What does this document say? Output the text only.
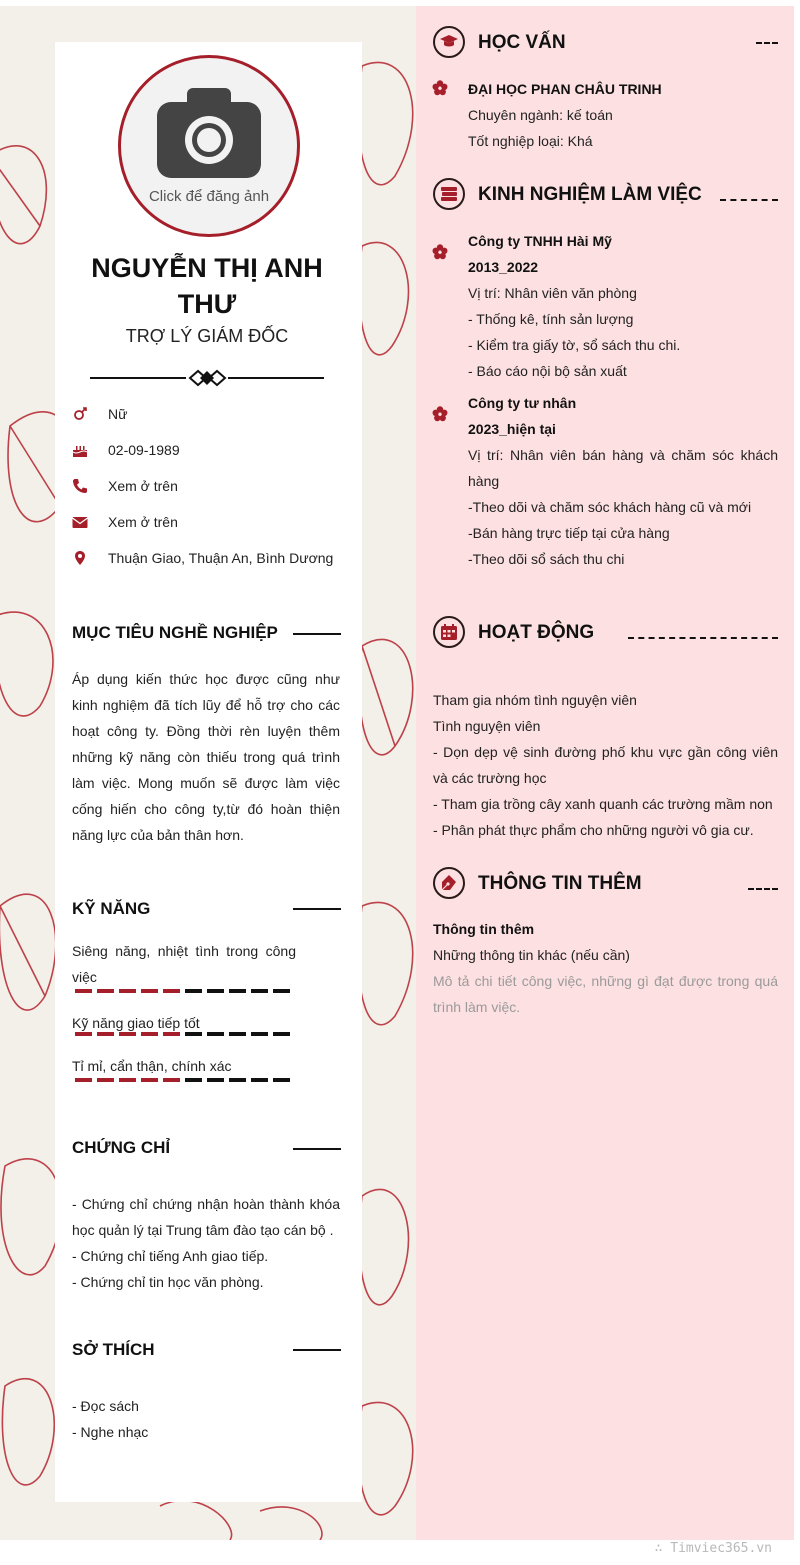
Click để đăng ảnh
NGUYỄN THỊ ANH THƯ
TRỢ LÝ GIÁM ĐỐC
Nữ
02-09-1989
Xem ở trên
Xem ở trên
Thuận Giao, Thuận An, Bình Dương
MỤC TIÊU NGHỀ NGHIỆP
Áp dụng kiến thức học được cũng như kinh nghiệm đã tích lũy để hỗ trợ cho các hoạt công ty. Đồng thời rèn luyện thêm những kỹ năng còn thiếu trong quá trình làm việc. Mong muốn sẽ được làm việc cống hiến cho công ty,từ đó hoàn thiện năng lực của bản thân hơn.
KỸ NĂNG
Siêng năng, nhiệt tình trong công việc
Kỹ năng giao tiếp tốt
Tỉ mỉ, cẩn thận, chính xác
CHỨNG CHỈ

- Chứng chỉ chứng nhận hoàn thành khóa học quản lý tại Trung tâm đào tạo cán bộ .

- Chứng chỉ tiếng Anh giao tiếp.

- Chứng chỉ tin học văn phòng.

SỞ THÍCH

- Đọc sách

- Nghe nhạc

HỌC VẤN

ĐẠI HỌC PHAN CHÂU TRINH

Chuyên ngành: kế toán

Tốt nghiệp loại: Khá

KINH NGHIỆM LÀM VIỆC

Công ty TNHH Hài Mỹ

2013_2022

Vị trí: Nhân viên văn phòng

- Thống kê, tính sản lượng

- Kiểm tra giấy tờ, sổ sách thu chi.

- Báo cáo nội bộ sản xuất

Công ty tư nhân

2023_hiện tại

Vị trí: Nhân viên bán hàng và chăm sóc khách hàng

-Theo dõi và chăm sóc khách hàng cũ và mới

-Bán hàng trực tiếp tại cửa hàng

-Theo dõi sổ sách thu chi

HOẠT ĐỘNG

Tham gia nhóm tình nguyện viên

Tình nguyện viên

- Dọn dẹp vệ sinh đường phố khu vực gần công viên và các trường học

- Tham gia trồng cây xanh quanh các trường mầm non

- Phân phát thực phẩm cho những người vô gia cư.

THÔNG TIN THÊM

Thông tin thêm

Những thông tin khác (nếu cần)

Mô tả chi tiết công việc, những gì đạt được trong quá trình làm việc.

∴ Timviec365.vn
